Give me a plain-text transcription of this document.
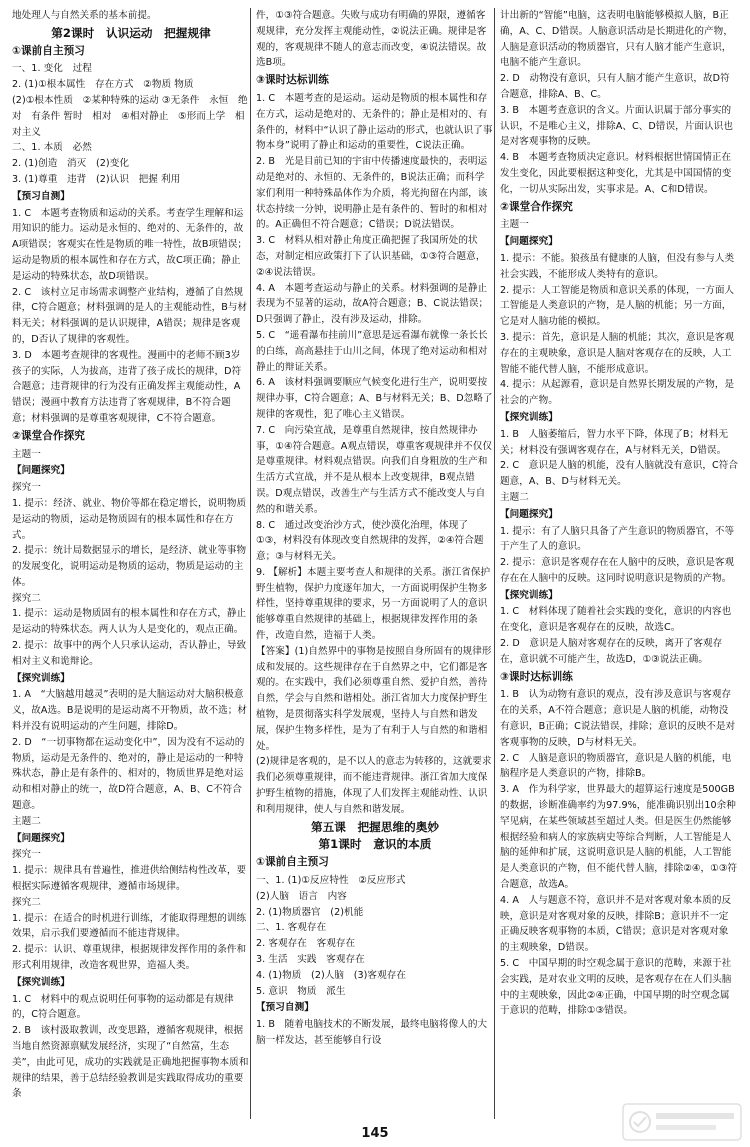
地处理人与自然关系的基本前提。

第2课时　认识运动　把握规律

①课前自主预习

一、1. 变化　过程

2. (1)①根本属性　存在方式　②物质 物质

(2)①根本性质　②某种特殊的运动 ③无条件　永恒　绝对　有条件 暂时　相对　④相对静止　⑤形而上学　相对主义

二、1. 本质　必然

2. (1)创造　消灭　(2)变化

3. (1)尊重　违背　(2)认识　把握 利用

【预习自测】

1. C　本题考查物质和运动的关系。考查学生理解和运用知识的能力。运动是永恒的、绝对的、无条件的，故A项错误；客观实在性是物质的唯一特性，故B项错误；运动是物质的根本属性和存在方式，故C项正确；静止是运动的特殊状态，故D项错误。

2. C　该村立足市场需求调整产业结构，遵循了自然规律，C符合题意；材料强调的是人的主观能动性，B与材料无关；材料强调的是认识规律，A错误；规律是客观的，D否认了规律的客观性。

3. D　本题考查规律的客观性。漫画中的老师不顾3岁孩子的实际，人为拔高，违背了孩子成长的规律，D符合题意；违背规律的行为没有正确发挥主观能动性，A错误；漫画中教育方法违背了客观规律，B不符合题意；材料强调的是尊重客观规律，C不符合题意。

②课堂合作探究

主题一

【问题探究】

探究一

1. 提示：经济、就业、物价等都在稳定增长，说明物质是运动的物质，运动是物质固有的根本属性和存在方式。

2. 提示：统计局数据显示的增长，是经济、就业等事物的发展变化，说明运动是物质的运动，物质是运动的主体。

探究二

1. 提示：运动是物质固有的根本属性和存在方式，静止是运动的特殊状态。两人认为人是变化的，观点正确。

2. 提示：故事中的两个人只承认运动，否认静止，导致相对主义和诡辩论。

【探究训练】

1. A　“大脑越用越灵”表明的是大脑运动对大脑积极意义，故A选。B是说明的是运动离不开物质，故不选；材料并没有说明运动的产生问题，排除D。

2. D　“一切事物都在运动变化中”，因为没有不运动的物质，运动是无条件的、绝对的，静止是运动的一种特殊状态，静止是有条件的、相对的，物质世界是绝对运动和相对静止的统一，故D符合题意，A、B、C不符合题意。

主题二

【问题探究】

探究一

1. 提示：规律具有普遍性，推进供给侧结构性改革，要根据实际遵循客观规律，遵循市场规律。

探究二

1. 提示：在适合的时机进行训练，才能取得理想的训练效果，启示我们要遵循而不能违背规律。

2. 提示：认识、尊重规律，根据规律发挥作用的条件和形式利用规律，改造客观世界，造福人类。

【探究训练】

1. C　材料中的观点说明任何事物的运动都是有规律的，C符合题意。

2. B　该村汲取教训，改变思路，遵循客观规律，根据当地自然资源禀赋发展经济，实现了“自然富，生态美”，由此可见，成功的实践就是正确地把握事物本质和规律的结果，善于总结经验教训是实践取得成功的重要条

件，①③符合题意。失败与成功有明确的界限，遵循客观规律，充分发挥主观能动性，②说法正确。规律是客观的，客观规律不随人的意志而改变，④说法错误。故选B项。

③课时达标训练

1. C　本题考查的是运动。运动是物质的根本属性和存在方式，运动是绝对的、无条件的；静止是相对的、有条件的，材料中“认识了静止运动的形式，也就认识了事物本身”说明了静止和运动的重要性，C说法正确。

2. B　光是目前已知的宇宙中传播速度最快的，表明运动是绝对的、永恒的、无条件的，B说法正确；而科学家们利用一种特殊晶体作为介质，将光拘留在内部，该状态持续一分钟，说明静止是有条件的、暂时的和相对的。A正确但不符合题意；C错误；D说法错误。

3. C　材料从相对静止角度正确把握了我国所处的状态，对制定相应政策打下了认识基础，①③符合题意，②④说法错误。

4. A　本题考查运动与静止的关系。材料强调的是静止表现为不显著的运动，故A符合题意；B、C说法错误；D只强调了静止，没有涉及运动，排除。

5. C　“遥看瀑布挂前川”意思是远看瀑布就像一条长长的白练，高高悬挂于山川之间，体现了绝对运动和相对静止的辩证关系。

6. A　该材料强调要顺应气候变化进行生产，说明要按规律办事，C符合题意；A、B与材料无关；B、D忽略了规律的客观性，犯了唯心主义错误。

7. C　向污染宣战，是尊重自然规律，按自然规律办事，①④符合题意。A观点错误，尊重客观规律并不仅仅是尊重规律。材料观点错误。向我们自身粗放的生产和生活方式宣战，并不是从根本上改变规律，B观点错误。D观点错误，改善生产与生活方式不能改变人与自然的和谐关系。

8. C　通过改变治沙方式，使沙漠化治理，体现了①③，材料没有体现改变自然规律的发挥，②④符合题意；③与材料无关。

9. 【解析】本题主要考查人和规律的关系。浙江省保护野生植物，保护力度逐年加大，一方面说明保护生物多样性，坚持尊重规律的要求，另一方面说明了人的意识能够尊重自然规律的基础上，根据规律发挥作用的条件，改造自然，造福于人类。

【答案】(1)自然界中的事物是按照自身所固有的规律形成和发展的。这些规律存在于自然界之中，它们都是客观的。在实践中，我们必须尊重自然、爱护自然，善待自然，学会与自然和谐相处。浙江省加大力度保护野生植物，是贯彻落实科学发展观，坚持人与自然和谐发展，保护生物多样性，是为了有利于人与自然的和谐相处。

(2)规律是客观的，是不以人的意志为转移的，这就要求我们必须尊重规律，而不能违背规律。浙江省加大度保护野生植物的措施，体现了人们发挥主观能动性、认识和利用规律，使人与自然和谐发展。

第五课　把握思维的奥妙

第1课时　意识的本质

①课前自主预习

一、1. (1)①反应特性　②反应形式

(2)人脑　语言　内容

2. (1)物质器官　(2)机能

二、1. 客观存在

2. 客观存在　客观存在

3. 生活　实践　客观存在

4. (1)物质　(2)人脑　(3)客观存在

5. 意识　物质　派生

【预习自测】

1. B　随着电脑技术的不断发展，最终电脑将像人的大脑一样发达，甚至能够自行设

计出新的“智能”电脑，这表明电脑能够模拟人脑，B正确，A、C、D错误。人脑意识活动是长期进化的产物，人脑是意识活动的物质器官，只有人脑才能产生意识，电脑不能产生意识。

2. D　动物没有意识，只有人脑才能产生意识，故D符合题意，排除A、B、C。

3. B　本题考查意识的含义。片面认识属于部分事实的认识，不是唯心主义，排除A、C、D错误，片面认识也是对客观事物的反映。

4. B　本题考查物质决定意识。材料根据世情国情正在发生变化，因此要根据这种变化，尤其是中国国情的变化，一切从实际出发，实事求是。A、C和D错误。

②课堂合作探究

主题一

【问题探究】

1. 提示：不能。狼孩虽有健康的人脑，但没有参与人类社会实践，不能形成人类特有的意识。

2. 提示：人工智能是物质和意识关系的体现，一方面人工智能是人类意识的产物，是人脑的机能；另一方面，它是对人脑功能的模拟。

3. 提示：首先，意识是人脑的机能；其次，意识是客观存在的主观映象，意识是人脑对客观存在的反映，人工智能不能代替人脑，不能形成意识。

4. 提示：从起源看，意识是自然界长期发展的产物，是社会的产物。

【探究训练】

1. B　人脑萎缩后，智力水平下降，体现了B；材料无关；材料没有强调客观存在，A与材料无关，D错误。

2. C　意识是人脑的机能，没有人脑就没有意识，C符合题意，A、B、D与材料无关。

主题二

【问题探究】

1. 提示：有了人脑只具备了产生意识的物质器官，不等于产生了人的意识。

2. 提示：意识是客观存在在人脑中的反映，意识是客观存在在人脑中的反映。这同时说明意识是物质的产物。

【探究训练】

1. C　材料体现了随着社会实践的变化，意识的内容也在变化，意识是客观存在的反映，故选C。

2. D　意识是人脑对客观存在的反映，离开了客观存在，意识就不可能产生，故选D，①③说法正确。

③课时达标训练

1. B　认为动物有意识的观点，没有涉及意识与客观存在的关系，A不符合题意；意识是人脑的机能，动物没有意识，B正确；C说法错误，排除；意识的反映不是对客观事物的反映，D与材料无关。

2. C　人脑是意识的物质器官，意识是人脑的机能，电脑程序是人类意识的产物，排除B。

3. A　作为科学家，世界最大的超算运行速度是500GB的数据，诊断准确率约为97.9%，能准确识别出10余种罕见病，在某些领域甚至超过人类。但是医生仍然能够根据经验和病人的家族病史等综合判断，人工智能是人脑的延伸和扩展，这说明意识是人脑的机能，人工智能是人类意识的产物，但不能代替人脑，排除②④，①③符合题意，故选A。

4. A　人与题意不符，意识并不是对客观对象本质的反映，意识是对客观对象的反映，排除B；意识并不一定正确反映客观事物的本质，C错误；意识是对客观对象的主观映象，D错误。

5. C　中国早期的时空观念属于意识的范畴，来源于社会实践，是对农业文明的反映，是客观存在在人们头脑中的主观映象，因此②④正确，中国早期的时空观念属于意识的范畴，排除①③错误。

145
